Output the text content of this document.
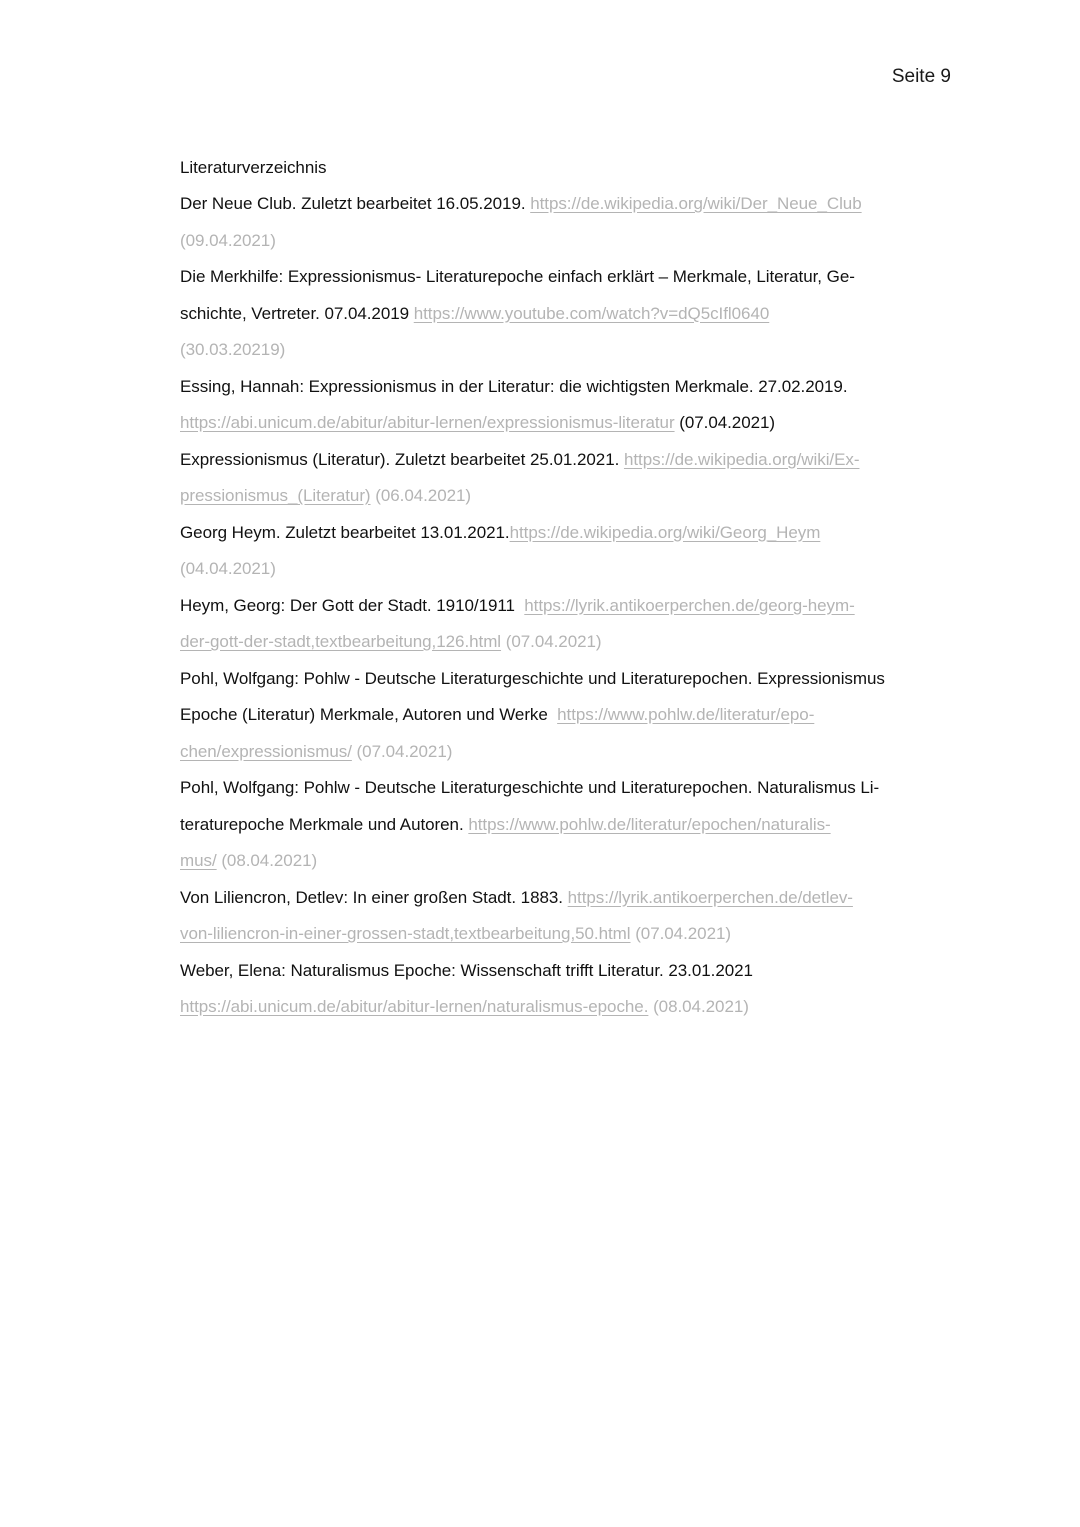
Seite 9
Literaturverzeichnis
Der Neue Club. Zuletzt bearbeitet 16.05.2019. https://de.wikipedia.org/wiki/Der_Neue_Club
(09.04.2021)
Die Merkhilfe: Expressionismus- Literaturepoche einfach erklärt – Merkmale, Literatur, Ge-
schichte, Vertreter. 07.04.2019 https://www.youtube.com/watch?v=dQ5cIfl0640
(30.03.20219)
Essing, Hannah: Expressionismus in der Literatur: die wichtigsten Merkmale. 27.02.2019.
https://abi.unicum.de/abitur/abitur-lernen/expressionismus-literatur (07.04.2021)
Expressionismus (Literatur). Zuletzt bearbeitet 25.01.2021. https://de.wikipedia.org/wiki/Ex-
pressionismus_(Literatur) (06.04.2021)
Georg Heym. Zuletzt bearbeitet 13.01.2021.https://de.wikipedia.org/wiki/Georg_Heym
(04.04.2021)
Heym, Georg: Der Gott der Stadt. 1910/1911  https://lyrik.antikoerperchen.de/georg-heym-
der-gott-der-stadt,textbearbeitung,126.html (07.04.2021)
Pohl, Wolfgang: Pohlw - Deutsche Literaturgeschichte und Literaturepochen. Expressionismus
Epoche (Literatur) Merkmale, Autoren und Werke  https://www.pohlw.de/literatur/epo-
chen/expressionismus/ (07.04.2021)
Pohl, Wolfgang: Pohlw - Deutsche Literaturgeschichte und Literaturepochen. Naturalismus Li-
teraturepoche Merkmale und Autoren. https://www.pohlw.de/literatur/epochen/naturalis-
mus/ (08.04.2021)
Von Liliencron, Detlev: In einer großen Stadt. 1883. https://lyrik.antikoerperchen.de/detlev-
von-liliencron-in-einer-grossen-stadt,textbearbeitung,50.html (07.04.2021)
Weber, Elena: Naturalismus Epoche: Wissenschaft trifft Literatur. 23.01.2021
https://abi.unicum.de/abitur/abitur-lernen/naturalismus-epoche. (08.04.2021)
